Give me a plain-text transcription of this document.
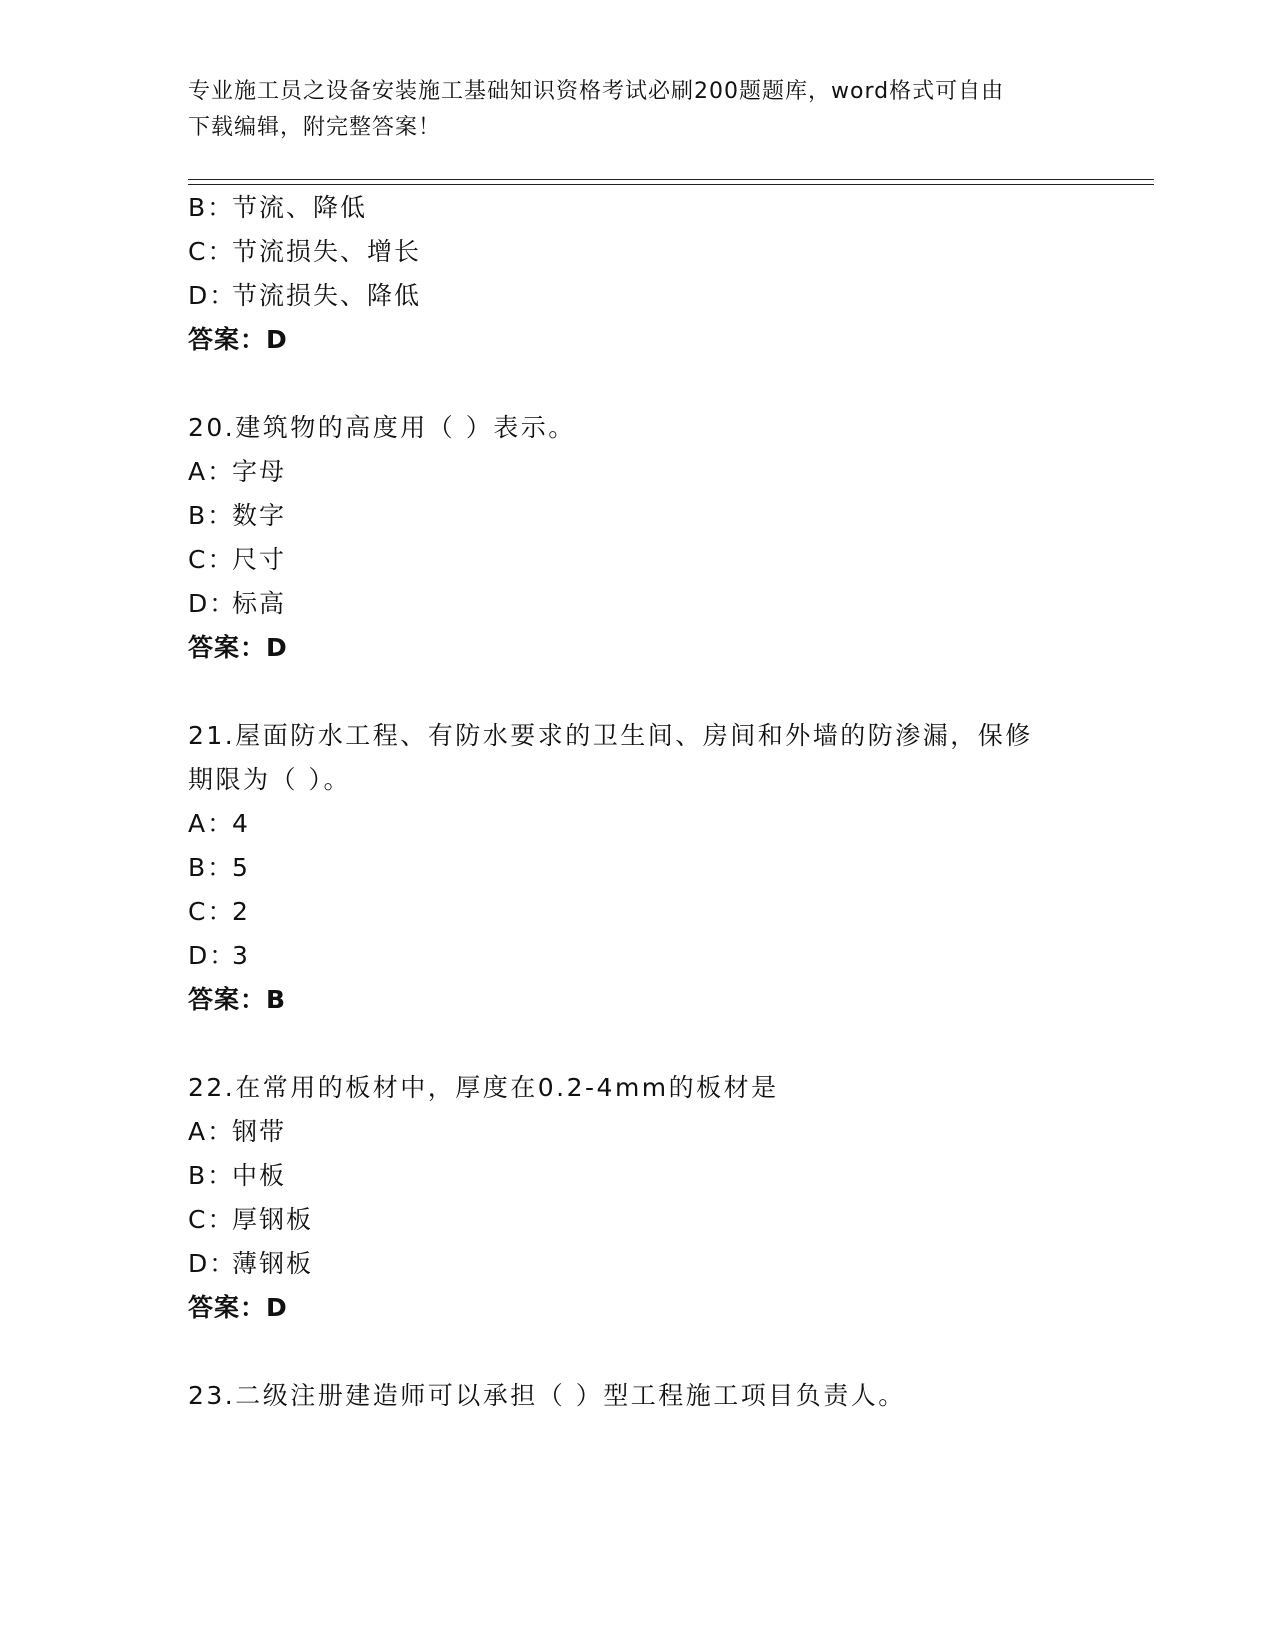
专业施工员之设备安装施工基础知识资格考试必刷200题题库，word格式可自由
下载编辑，附完整答案！
B：节流、降低
C：节流损失、增长
D：节流损失、降低
答案：D
20.建筑物的高度用（ ）表示。
A：字母
B：数字
C：尺寸
D：标高
答案：D
21.屋面防水工程、有防水要求的卫生间、房间和外墙的防渗漏，保修
期限为（ ）。
A：4
B：5
C：2
D：3
答案：B
22.在常用的板材中，厚度在0.2-4mm的板材是
A：钢带
B：中板
C：厚钢板
D：薄钢板
答案：D
23.二级注册建造师可以承担（ ）型工程施工项目负责人。
